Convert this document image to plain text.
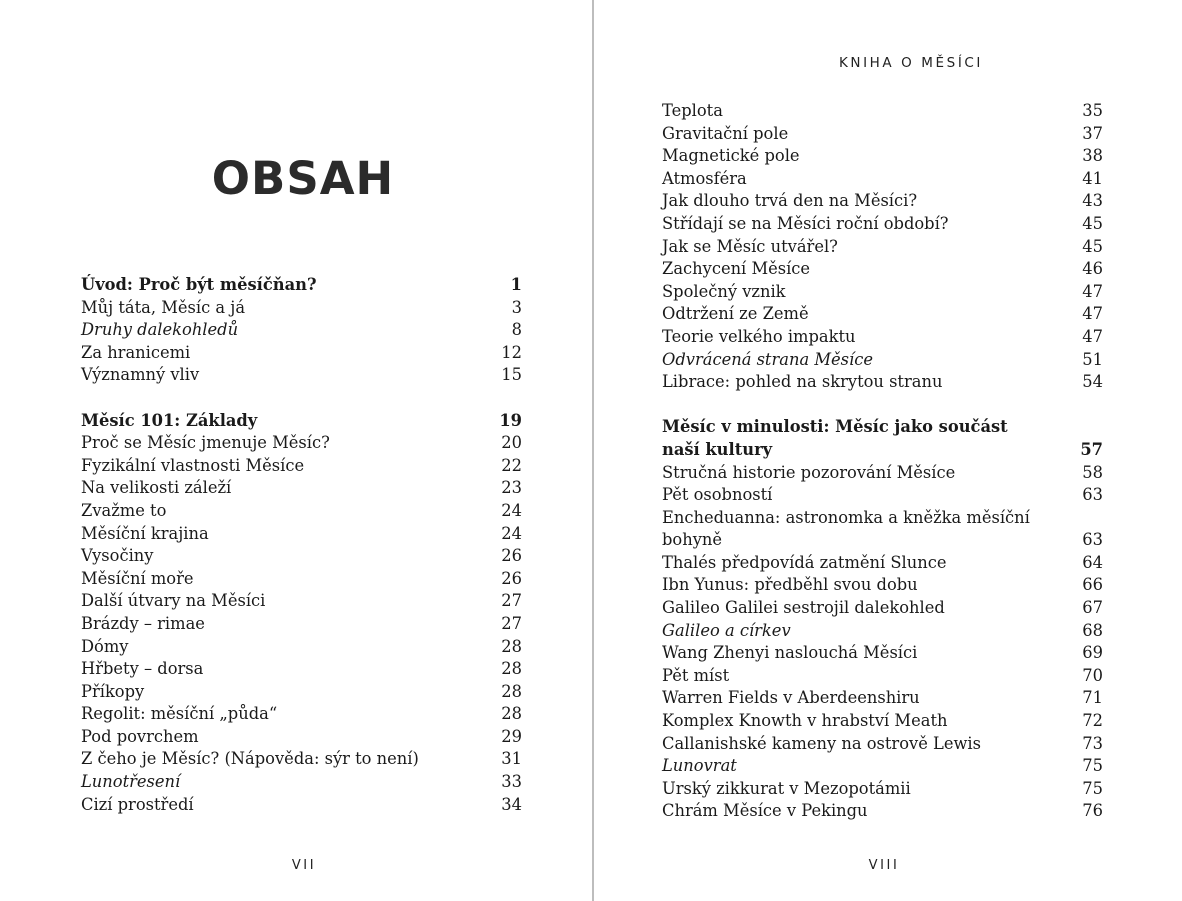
OBSAH
Úvod: Proč být měsíčňan?	1
Můj táta, Měsíc a já	3
Druhy dalekohledů	8
Za hranicemi	12
Významný vliv	15
Měsíc 101: Základy	19
Proč se Měsíc jmenuje Měsíc?	20
Fyzikální vlastnosti Měsíce	22
Na velikosti záleží	23
Zvažme to	24
Měsíční krajina	24
Vysočiny	26
Měsíční moře	26
Další útvary na Měsíci	27
Brázdy – rimae	27
Dómy	28
Hřbety – dorsa	28
Příkopy	28
Regolit: měsíční „půda“	28
Pod povrchem	29
Z čeho je Měsíc? (Nápověda: sýr to není)	31
Lunotřesení	33
Cizí prostředí	34
VII
KNIHA O MĚSÍCI
Teplota	35
Gravitační pole	37
Magnetické pole	38
Atmosféra	41
Jak dlouho trvá den na Měsíci?	43
Střídají se na Měsíci roční období?	45
Jak se Měsíc utvářel?	45
Zachycení Měsíce	46
Společný vznik	47
Odtržení ze Země	47
Teorie velkého impaktu	47
Odvrácená strana Měsíce	51
Librace: pohled na skrytou stranu	54
Měsíc v minulosti: Měsíc jako součást naší kultury	57
Stručná historie pozorování Měsíce	58
Pět osobností	63
Encheduanna: astronomka a kněžka měsíční bohyně	63
Thalés předpovídá zatmění Slunce	64
Ibn Yunus: předběhl svou dobu	66
Galileo Galilei sestrojil dalekohled	67
Galileo a církev	68
Wang Zhenyi naslouchá Měsíci	69
Pět míst	70
Warren Fields v Aberdeenshiru	71
Komplex Knowth v hrabství Meath	72
Callanishské kameny na ostrově Lewis	73
Lunovrat	75
Urský zikkurat v Mezopotámii	75
Chrám Měsíce v Pekingu	76
VIII
